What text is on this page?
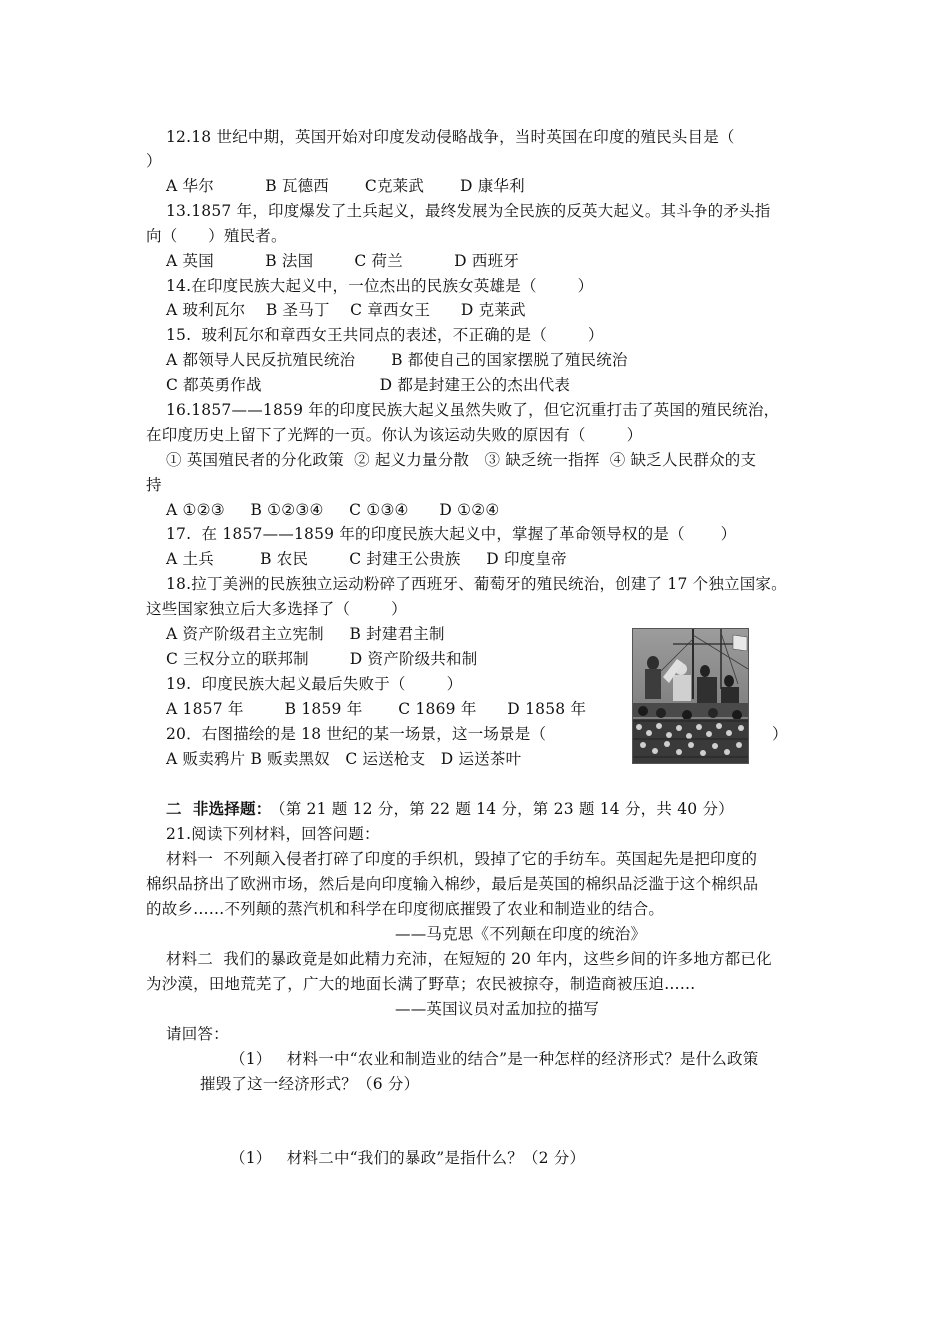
12.18 世纪中期，英国开始对印度发动侵略战争，当时英国在印度的殖民头目是（
）
A 华尔          B 瓦德西       C克莱武       D 康华利
13.1857 年，印度爆发了土兵起义，最终发展为全民族的反英大起义。其斗争的矛头指
向（      ）殖民者。
A 英国          B 法国        C 荷兰          D 西班牙
14.在印度民族大起义中，一位杰出的民族女英雄是（        ）
A 玻利瓦尔    B 圣马丁    C 章西女王      D 克莱武
15.  玻利瓦尔和章西女王共同点的表述，不正确的是（        ）
A 都领导人民反抗殖民统治       B 都使自己的国家摆脱了殖民统治
C 都英勇作战                       D 都是封建王公的杰出代表
16.1857——1859 年的印度民族大起义虽然失败了，但它沉重打击了英国的殖民统治，
在印度历史上留下了光辉的一页。你认为该运动失败的原因有（        ）
① 英国殖民者的分化政策  ② 起义力量分散   ③ 缺乏统一指挥  ④ 缺乏人民群众的支
持
A ①②③     B ①②③④     C ①③④      D ①②④
17.  在 1857——1859 年的印度民族大起义中，掌握了革命领导权的是（       ）
A 土兵         B 农民        C 封建王公贵族     D 印度皇帝
18.拉丁美洲的民族独立运动粉碎了西班牙、葡萄牙的殖民统治，创建了 17 个独立国家。
这些国家独立后大多选择了（        ）
A 资产阶级君主立宪制     B 封建君主制
C 三权分立的联邦制        D 资产阶级共和制
19.  印度民族大起义最后失败于（        ）
A 1857 年        B 1859 年       C 1869 年      D 1858 年
20．右图描绘的是 18 世纪的某一场景，这一场景是（	）
A 贩卖鸦片 B 贩卖黑奴   C 运送枪支   D 运送茶叶
二  非选择题：
（第 21 题 12 分，第 22 题 14 分，第 23 题 14 分，共 40 分）
21.阅读下列材料，回答问题：
材料一  不列颠入侵者打碎了印度的手织机，毁掉了它的手纺车。英国起先是把印度的
棉织品挤出了欧洲市场，然后是向印度输入棉纱，最后是英国的棉织品泛滥于这个棉织品
的故乡……不列颠的蒸汽机和科学在印度彻底摧毁了农业和制造业的结合。
——马克思《不列颠在印度的统治》
材料二  我们的暴政竟是如此精力充沛，在短短的 20 年内，这些乡间的许多地方都已化
为沙漠，田地荒芜了，广大的地面长满了野草；农民被掠夺，制造商被压迫……
——英国议员对孟加拉的描写
请回答：
（1）   材料一中“农业和制造业的结合”是一种怎样的经济形式？是什么政策
摧毁了这一经济形式？（6 分）
（1）   材料二中“我们的暴政”是指什么？（2 分）
